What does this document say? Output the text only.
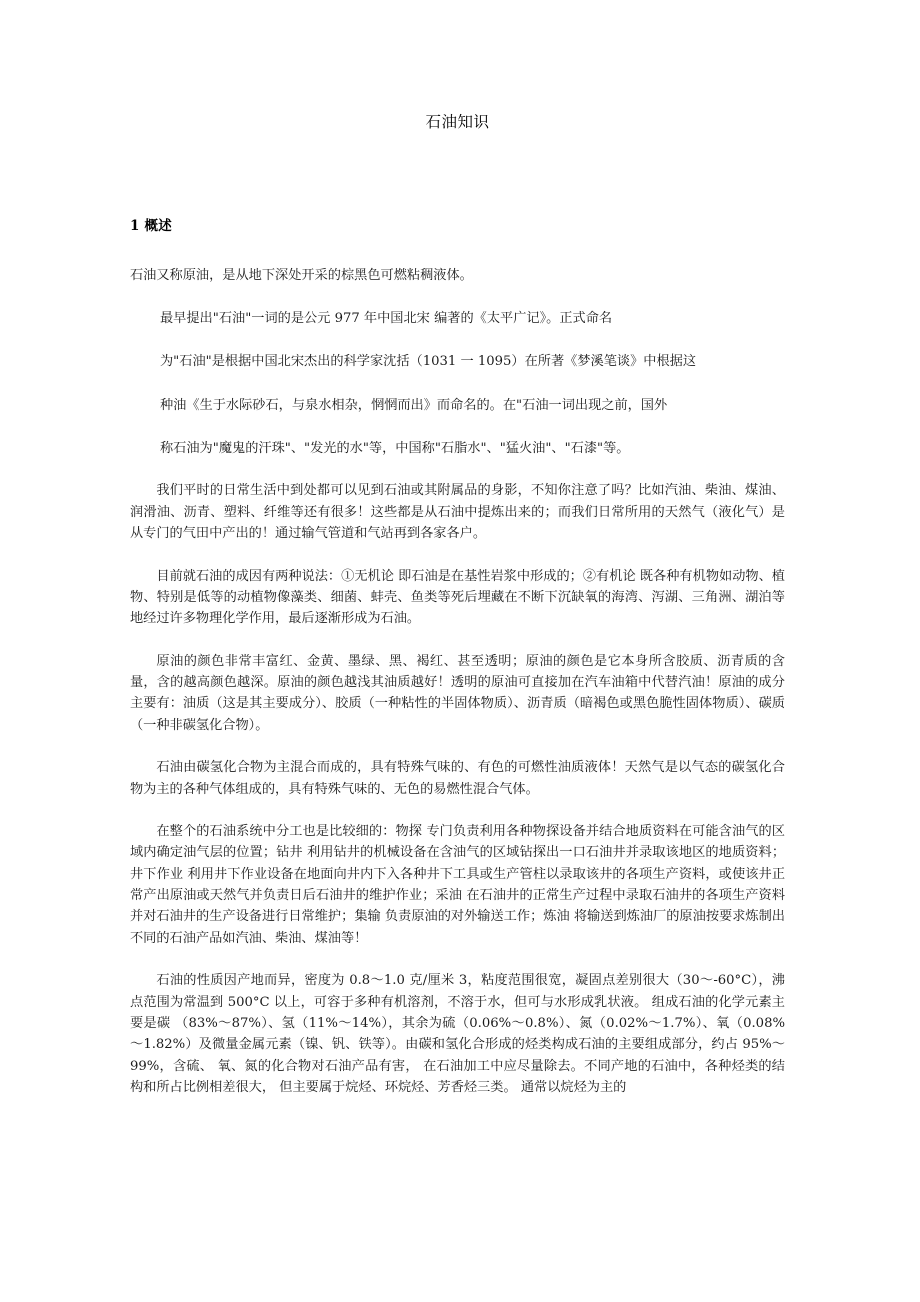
石油知识
1 概述

石油又称原油，是从地下深处开采的棕黑色可燃粘稠液体。

最早提出"石油"一词的是公元 977 年中国北宋 编著的《太平广记》。正式命名
为"石油"是根据中国北宋杰出的科学家沈括（1031 一 1095）在所著《梦溪笔谈》中根据这
种油《生于水际砂石，与泉水相杂，惘惘而出》而命名的。在"石油一词出现之前，国外
称石油为"魔鬼的汗珠"、"发光的水"等，中国称"石脂水"、"猛火油"、"石漆"等。

我们平时的日常生活中到处都可以见到石油或其附属品的身影，不知你注意了吗？比如汽油、柴油、煤油、润滑油、沥青、塑料、纤维等还有很多！这些都是从石油中提炼出来的；而我们日常所用的天然气（液化气）是从专门的气田中产出的！通过输气管道和气站再到各家各户。

目前就石油的成因有两种说法：①无机论 即石油是在基性岩浆中形成的；②有机论 既各种有机物如动物、植物、特别是低等的动植物像藻类、细菌、蚌壳、鱼类等死后埋藏在不断下沉缺氧的海湾、泻湖、三角洲、湖泊等地经过许多物理化学作用，最后逐渐形成为石油。

原油的颜色非常丰富红、金黄、墨绿、黑、褐红、甚至透明；原油的颜色是它本身所含胶质、沥青质的含量，含的越高颜色越深。原油的颜色越浅其油质越好！透明的原油可直接加在汽车油箱中代替汽油！原油的成分主要有：油质（这是其主要成分）、胶质（一种粘性的半固体物质）、沥青质（暗褐色或黑色脆性固体物质）、碳质（一种非碳氢化合物）。

石油由碳氢化合物为主混合而成的，具有特殊气味的、有色的可燃性油质液体！天然气是以气态的碳氢化合物为主的各种气体组成的，具有特殊气味的、无色的易燃性混合气体。

在整个的石油系统中分工也是比较细的：物探 专门负责利用各种物探设备并结合地质资料在可能含油气的区域内确定油气层的位置；钻井 利用钻井的机械设备在含油气的区域钻探出一口石油井并录取该地区的地质资料；井下作业 利用井下作业设备在地面向井内下入各种井下工具或生产管柱以录取该井的各项生产资料，或使该井正常产出原油或天然气并负责日后石油井的维护作业；采油 在石油井的正常生产过程中录取石油井的各项生产资料并对石油井的生产设备进行日常维护；集输 负责原油的对外输送工作；炼油 将输送到炼油厂的原油按要求炼制出不同的石油产品如汽油、柴油、煤油等！

石油的性质因产地而异，密度为 0.8～1.0 克/厘米 3，粘度范围很宽，凝固点差别很大（30～-60°C），沸点范围为常温到 500°C 以上，可容于多种有机溶剂，不溶于水，但可与水形成乳状液。 组成石油的化学元素主要是碳 （83%～87%）、氢（11%～14%），其余为硫（0.06%～0.8%）、氮（0.02%～1.7%）、氧（0.08%～1.82%）及微量金属元素（镍、钒、铁等）。由碳和氢化合形成的烃类构成石油的主要组成部分，约占 95%～99%，含硫、 氧、氮的化合物对石油产品有害， 在石油加工中应尽量除去。不同产地的石油中，各种烃类的结构和所占比例相差很大， 但主要属于烷烃、环烷烃、芳香烃三类。 通常以烷烃为主的
